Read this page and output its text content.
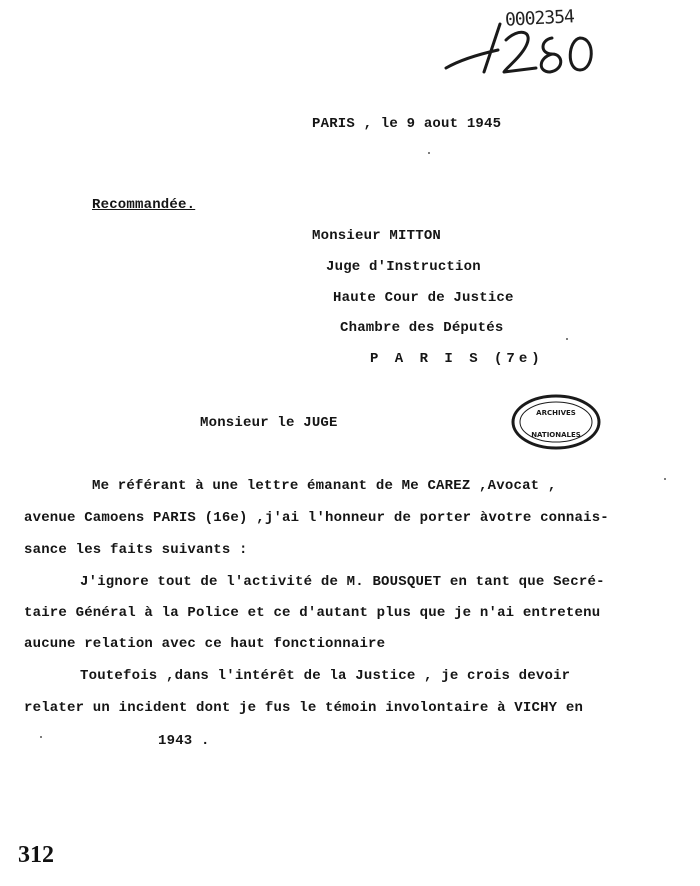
0002354
PARIS , le 9 aout 1945
Recommandée.
Monsieur MITTON
Juge d'Instruction
Haute Cour de Justice
Chambre des Députés
P A R I S (7e)
ARCHIVES
NATIONALES
Monsieur le JUGE
Me référant à une lettre émanant de Me CAREZ ,Avocat ,
avenue Camoens PARIS (16e) ,j'ai l'honneur de porter àvotre connais-
sance les faits suivants :
J'ignore tout de l'activité de M. BOUSQUET en tant que Secré-
taire Général à la Police et ce d'autant plus que je n'ai entretenu
aucune relation avec ce haut fonctionnaire
Toutefois ,dans l'intérêt de la Justice , je crois devoir
relater un incident dont je fus le témoin involontaire à VICHY en
1943 .
312
